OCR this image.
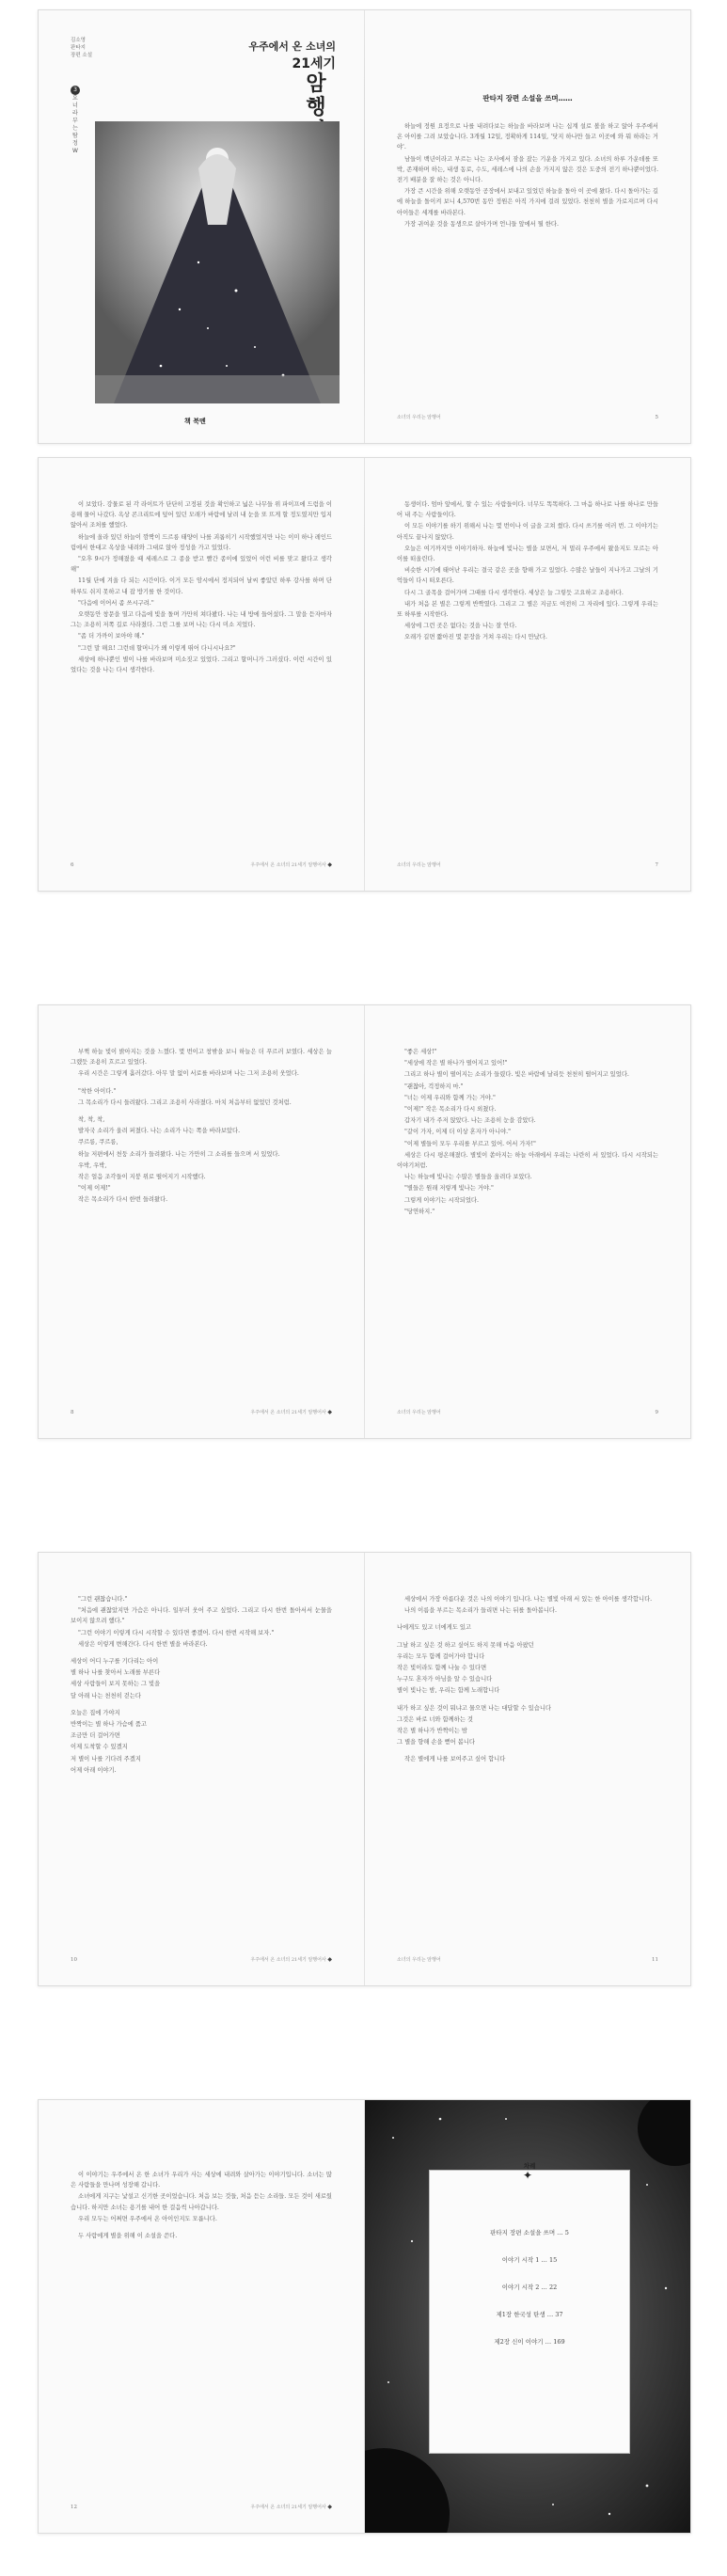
김소영
판타지
장편 소설
3
요 너 라 부 는 탐 정 W
우주에서 온 소녀의
21세기
암행
책 북멘
판타지 장편 소설을 쓰며……

하늘에 정원 요정으로 나를 내려다보는 하늘을 바라보며 나는 십계 설로 볼을 하고 앉아 우주에서 온 아이를 그려 보았습니다. 3개월 12일, 정확하게 114일, '닷지 하나만 들고 이곳에 와 뭐 하라는 거야'.

남들이 백년이라고 부르는 나는 조사에서 잠을 잤는 기운을 가지고 있다. 소녀의 하루 가운데를 또박, 존재하며 하는, 내생 동로, 수도, 세레스에 나의 손을 가지지 않은 것은 도중의 전기 하나뿐이었다. 전기 배분을 잘 하는 것은 아니다.

가장 큰 시간을 위해 오랫동안 공장에서 보내고 있었던 하늘을 돌아 이 곳에 왔다. 다시 돌아가는 길에 하늘을 돌이켜 보니 4,570번 동안 정원은 아직 가지에 걸려 있었다. 천천히 별을 가로지르며 다시 아이들은 세계를 바라본다.

가장 귀여운 것을 동생으로 살아가며 언니들 앞에서 뭘 한다.

소녀의 우리는 암행어	5

이 보았다. 강물로 된 각 라이트가 단단히 고정된 것을 확인하고 넓은 나무들 위 파이프에 드럼을 이용해 물어 나갔다. 옥상 콘크리트에 덮어 있던 모래가 바람에 날려 내 눈을 또 뜨게 할 정도였지만 입지 않아서 조처를 했었다.

하늘에 올라 있던 하늘이 깜짝이 드르릉 태양이 나를 괴롭히기 시작했었지만 나는 이미 하나 레인드림에서 한대고 옥상을 내려와 그대로 앉아 정성을 가고 있었다.

"오후 9시가 정해졌을 때 세레스로 그 종을 받고 빨간 종이에 있었어 이런 비를 맞고 왔다고 생각해"

11월 단에 겨울 다 되는 시간이다. 이거 모든 암시에서 정지되어 날씨 좋았던 하루 강사를 하며 단 하루도 쉬지 못하고 내 잡 방기를 한 것이다.

"다음에 이어서 좀 쓰시구려."

오랫동안 창문을 열고 다음에 빛을 돌며 가만히 쳐다봤다. 나는 내 방에 들어섰다. 그 말을 듣자마자 그는 조용히 저쪽 길로 사라졌다. 그런 그를 보며 나는 다시 미소 지었다.

"좀 더 가까이 보아야 해."

"그런 말 해요! 그런데 할머니가 왜 이렇게 뛰어 다니시나요?"

세상에 하나뿐인 별이 나를 바라보며 미소짓고 있었다. 그리고 할머니가 그러셨다. 이런 시간이 있었다는 것을 나는 다시 생각한다.

6	우주에서 온 소녀의 21세기 암행어사 ◆

동생이다. 엄마 앞에서, 할 수 있는 사람들이다. 너무도 똑똑하다. 그 마음 하나로 나를 하나로 만들어 내 주는 사람들이다.

이 모든 이야기를 하기 위해서 나는 몇 번이나 이 글을 고쳐 썼다. 다시 쓰기를 여러 번. 그 이야기는 아직도 끝나지 않았다.

오늘은 여기까지만 이야기하자. 하늘에 빛나는 별을 보면서, 저 멀리 우주에서 왔을지도 모르는 아이를 떠올린다.

비슷한 시기에 태어난 우리는 결국 같은 곳을 향해 가고 있었다. 수많은 날들이 지나가고 그날의 기억들이 다시 떠오른다.

다시 그 골목을 걸어가며 그때를 다시 생각한다. 세상은 늘 그렇듯 고요하고 조용하다.

내가 처음 본 별은 그렇게 반짝였다. 그리고 그 별은 지금도 여전히 그 자리에 있다. 그렇게 우리는 또 하루를 시작한다.

세상에 그런 곳은 없다는 것을 나는 잘 안다.

오래가 길면 짧아진 몇 문장을 거쳐 우리는 다시 만났다.

소녀의 우리는 암행어	7

부쩍 하늘 빛이 밝아지는 것을 느꼈다. 몇 번이고 창밖을 보니 하늘은 더 푸르러 보였다. 세상은 늘 그랬듯 조용히 흐르고 있었다.

우리 시간은 그렇게 흘러갔다. 아무 말 없이 서로를 바라보며 나는 그저 조용히 웃었다.

"착한 아이다."

그 목소리가 다시 들려왔다. 그리고 조용히 사라졌다. 마치 처음부터 없었던 것처럼.

착, 착, 착,

발자국 소리가 울려 퍼졌다. 나는 소리가 나는 쪽을 바라보았다.

쿠르릉, 쿠르릉,

하늘 저편에서 천둥 소리가 들려왔다. 나는 가만히 그 소리를 들으며 서 있었다.

우박, 우박,

작은 얼음 조각들이 지붕 위로 떨어지기 시작했다.

"이제 이제!"

작은 목소리가 다시 한번 들려왔다.

8	우주에서 온 소녀의 21세기 암행어사 ◆

"좋은 세상!"

"세상에 작은 별 하나가 떨어지고 있어!"

그리고 하나 별이 떨어지는 소리가 들렸다. 빛은 바람에 날리듯 천천히 떨어지고 있었다.

"괜찮아, 걱정하지 마."

"너는 이제 우리와 함께 가는 거야."

"이제!" 작은 목소리가 다시 외쳤다.

갑자기 내가 주저 앉았다. 나는 조용히 눈을 감았다.

"같이 가자, 이제 더 이상 혼자가 아니야."

"이제 별들이 모두 우리를 부르고 있어. 어서 가자!"

세상은 다시 평온해졌다. 별빛이 쏟아지는 하늘 아래에서 우리는 나란히 서 있었다. 다시 시작되는 이야기처럼.

나는 하늘에 빛나는 수많은 별들을 올려다 보았다.

"별들은 원래 저렇게 빛나는 거야."

그렇게 이야기는 시작되었다.

"당연하지."

소녀의 우리는 암행어	9

"그런 괜찮습니다."

"처음에 괜찮았지만 가슴은 아니다. 일부러 웃어 주고 싶었다. 그리고 다시 한번 돌아서서 눈물을 보이지 않으려 했다."

"그런 이야기 이렇게 다시 시작할 수 있다면 좋겠어. 다시 한번 시작해 보자."

세상은 이렇게 변해간다. 다시 한번 별을 바라본다.

세상이 어디 누구를 기다리는 아이

별 하나 나를 찾아서 노래를 부른다

세상 사람들이 보지 못하는 그 빛을

달 아래 나는 천천히 걷는다

오늘은 집에 가야지

반짝이는 별 하나 가슴에 품고

조금만 더 걸어가면

이제 도착할 수 있겠지

저 별이 나를 기다려 주겠지

어제 아래 이야기.

10	우주에서 온 소녀의 21세기 암행어사 ◆

세상에서 가장 아름다운 것은 나의 이야기 입니다. 나는 별빛 아래 서 있는 한 아이를 생각합니다.

나의 이름을 부르는 목소리가 들리면 나는 뒤를 돌아봅니다.

나에게도 있고 너에게도 있고

그날 하고 싶은 것 하고 싶어도 하지 못해 마음 아팠던

우리는 모두 함께 걸어가야 합니다

작은 빛이라도 함께 나눌 수 있다면

누구도 혼자가 아님을 알 수 있습니다

별이 빛나는 밤, 우리는 함께 노래합니다

내가 하고 싶은 것이 뭐냐고 물으면 나는 대답할 수 있습니다

그것은 바로 너와 함께하는 것

작은 별 하나가 반짝이는 밤

그 별을 향해 손을 뻗어 봅니다

작은 별에게 나를 보여주고 싶어 합니다

소녀의 우리는 암행어	11

이 이야기는 우주에서 온 한 소녀가 우리가 사는 세상에 내려와 살아가는 이야기입니다. 소녀는 많은 사람들을 만나며 성장해 갑니다.

소녀에게 지구는 낯설고 신기한 곳이었습니다. 처음 보는 것들, 처음 듣는 소리들. 모든 것이 새로웠습니다. 하지만 소녀는 용기를 내어 한 걸음씩 나아갑니다.

우리 모두는 어쩌면 우주에서 온 아이인지도 모릅니다.

두 사람에게 별을 위해 이 소설을 쓴다.

12	우주에서 온 소녀의 21세기 암행어사 ◆
차례
✦
판타지 장편 소설을 쓰며 … 5
이야기 시작 1 … 15
이야기 시작 2 … 22
제1장 한국성 탄생 … 37
제2장 신이 이야기 … 169
